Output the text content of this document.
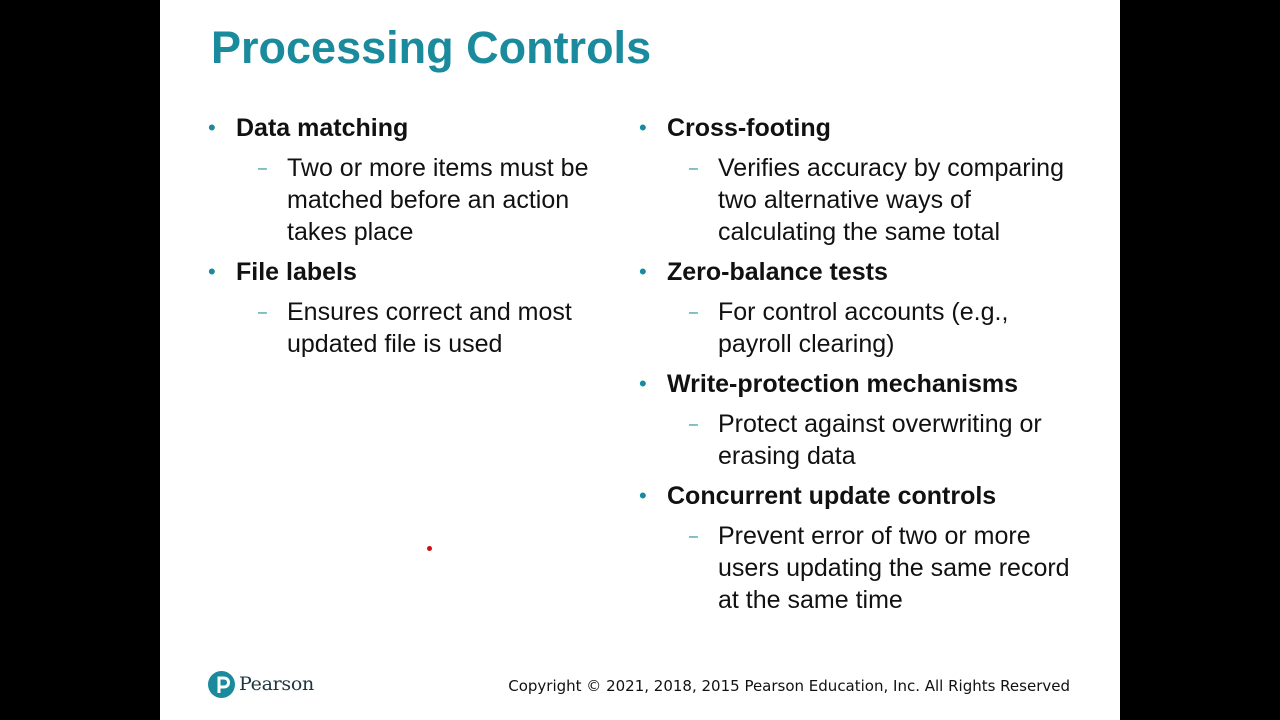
Processing Controls
• Data matching
– Two or more items must be matched before an action takes place
• File labels
– Ensures correct and most updated file is used
• Cross-footing
– Verifies accuracy by comparing two alternative ways of calculating the same total
• Zero-balance tests
– For control accounts (e.g., payroll clearing)
• Write-protection mechanisms
– Protect against overwriting or erasing data
• Concurrent update controls
– Prevent error of two or more users updating the same record at the same time
Pearson	Copyright © 2021, 2018, 2015 Pearson Education, Inc. All Rights Reserved
